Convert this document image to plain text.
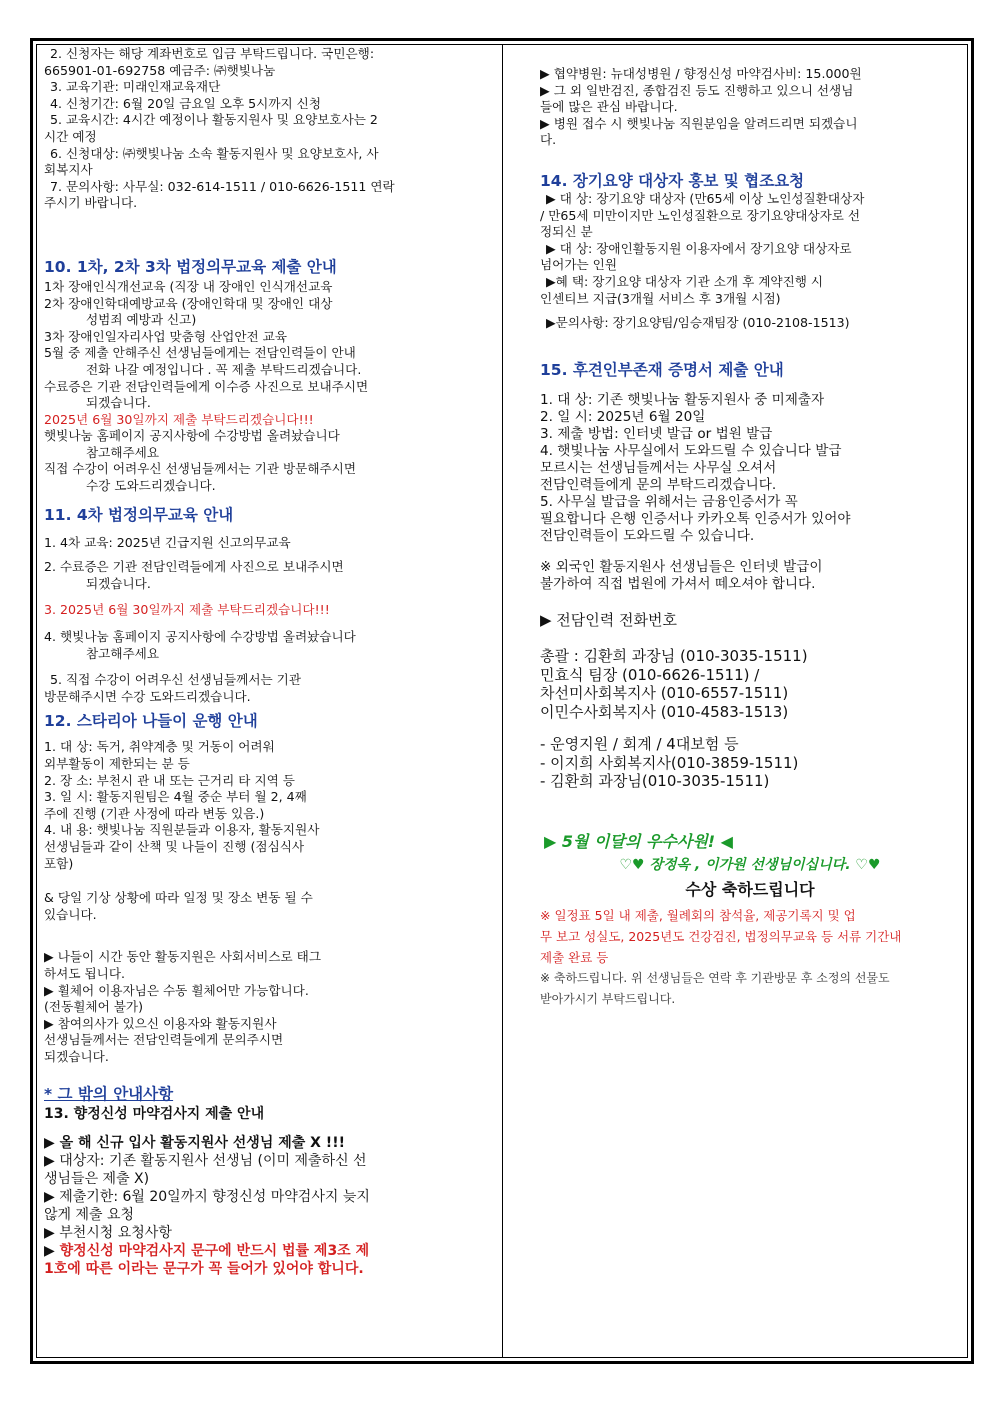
2. 신청자는 해당 계좌번호로 입금 부탁드립니다. 국민은행:
665901-01-692758 예금주: ㈜햇빛나눔
3. 교육기관: 미래인재교육재단
4. 신청기간: 6월 20일 금요일 오후 5시까지 신청
5. 교육시간: 4시간 예정이나 활동지원사 및 요양보호사는 2
시간 예정
6. 신청대상: ㈜햇빛나눔 소속 활동지원사 및 요양보호사, 사
회복지사
7. 문의사항: 사무실: 032-614-1511 / 010-6626-1511 연락
주시기 바랍니다.
10. 1차, 2차 3차 법정의무교육 제출 안내
1차 장애인식개선교육 (직장 내 장애인 인식개선교육
2차 장애인학대예방교육 (장애인학대 및 장애인 대상
성범죄 예방과 신고)
3차 장애인일자리사업 맞춤형 산업안전 교육
5월 중 제출 안해주신 선생님들에게는 전담인력들이 안내
전화 나갈 예정입니다 . 꼭 제출 부탁드리겠습니다.
수료증은 기관 전담인력들에게 이수증 사진으로 보내주시면
되겠습니다.
2025년 6월 30일까지 제출 부탁드리겠습니다!!!
햇빛나눔 홈페이지 공지사항에 수강방법 올려놨습니다
참고해주세요
직접 수강이 어려우신 선생님들께서는 기관 방문해주시면
수강 도와드리겠습니다.
11. 4차 법정의무교육 안내
1. 4차 교육: 2025년 긴급지원 신고의무교육
2. 수료증은 기관 전담인력들에게 사진으로 보내주시면
되겠습니다.
3. 2025년 6월 30일까지 제출 부탁드리겠습니다!!!
4. 햇빛나눔 홈페이지 공지사항에 수강방법 올려놨습니다
참고해주세요
5. 직접 수강이 어려우신 선생님들께서는 기관
방문해주시면 수강 도와드리겠습니다.
12. 스타리아 나들이 운행 안내
1. 대 상: 독거, 취약계층 및 거동이 어려워
외부활동이 제한되는 분 등
2. 장 소: 부천시 관 내 또는 근거리 타 지역 등
3. 일 시: 활동지원팀은 4월 중순 부터 월 2, 4째
주에 진행 (기관 사정에 따라 변동 있음.)
4. 내 용: 햇빛나눔 직원분들과 이용자, 활동지원사
선생님들과 같이 산책 및 나들이 진행 (점심식사
포함)
& 당일 기상 상황에 따라 일정 및 장소 변동 될 수
있습니다.
▶ 나들이 시간 동안 활동지원은 사회서비스로 태그
하셔도 됩니다.
▶ 휠체어 이용자님은 수동 휠체어만 가능합니다.
(전동휠체어 불가)
▶ 참여의사가 있으신 이용자와 활동지원사
선생님들께서는 전담인력들에게 문의주시면
되겠습니다.
* 그 밖의 안내사항
13. 향정신성 마약검사지 제출 안내
▶ 올 해 신규 입사 활동지원사 선생님 제출 X !!!
▶ 대상자: 기존 활동지원사 선생님 (이미 제출하신 선
생님들은 제출 X)
▶ 제출기한: 6월 20일까지 향정신성 마약검사지 늦지
않게 제출 요청
▶ 부천시청 요청사항
▶ 향정신성 마약검사지 문구에 반드시 법률 제3조 제
1호에 따른 이라는 문구가 꼭 들어가 있어야 합니다.
▶ 협약병원: 뉴대성병원 / 향정신성 마약검사비: 15.000원
▶ 그 외 일반검진, 종합검진 등도 진행하고 있으니 선생님
들에 많은 관심 바랍니다.
▶ 병원 접수 시 햇빛나눔 직원분임을 알려드리면 되겠습니
다.
14. 장기요양 대상자 홍보 및 협조요청
▶ 대 상: 장기요양 대상자 (만65세 이상 노인성질환대상자
/ 만65세 미만이지만 노인성질환으로 장기요양대상자로 선
정되신 분
▶ 대 상: 장애인활동지원 이용자에서 장기요양 대상자로
넘어가는 인원
▶혜 택: 장기요양 대상자 기관 소개 후 계약진행 시
인센티브 지급(3개월 서비스 후 3개월 시점)
▶문의사항: 장기요양팀/임승재팀장 (010-2108-1513)
15. 후견인부존재 증명서 제출 안내
1. 대 상: 기존 햇빛나눔 활동지원사 중 미제출자
2. 일 시: 2025년 6월 20일
3. 제출 방법: 인터넷 발급 or 법원 발급
4. 햇빛나눔 사무실에서 도와드릴 수 있습니다 발급
모르시는 선생님들께서는 사무실 오셔서
전담인력들에게 문의 부탁드리겠습니다.
5. 사무실 발급을 위해서는 금융인증서가 꼭
필요합니다 은행 인증서나 카카오톡 인증서가 있어야
전담인력들이 도와드릴 수 있습니다.
※ 외국인 활동지원사 선생님들은 인터넷 발급이
불가하여 직접 법원에 가셔서 떼오셔야 합니다.
▶ 전담인력 전화번호
총괄 : 김환희 과장님 (010-3035-1511)
민효식 팀장 (010-6626-1511) /
차선미사회복지사 (010-6557-1511)
이민수사회복지사 (010-4583-1513)
- 운영지원 / 회계 / 4대보험 등
- 이지희 사회복지사(010-3859-1511)
- 김환희 과장님(010-3035-1511)
▶ 5월 이달의 우수사원! ◀
♡♥ 장정옥 , 이가원 선생님이십니다. ♡♥
수상 축하드립니다
※ 일정표 5일 내 제출, 월례회의 참석율, 제공기록지 및 업
무 보고 성실도, 2025년도 건강검진, 법정의무교육 등 서류 기간내
제출 완료 등
※ 축하드립니다. 위 선생님들은 연락 후 기관방문 후 소정의 선물도
받아가시기 부탁드립니다.
